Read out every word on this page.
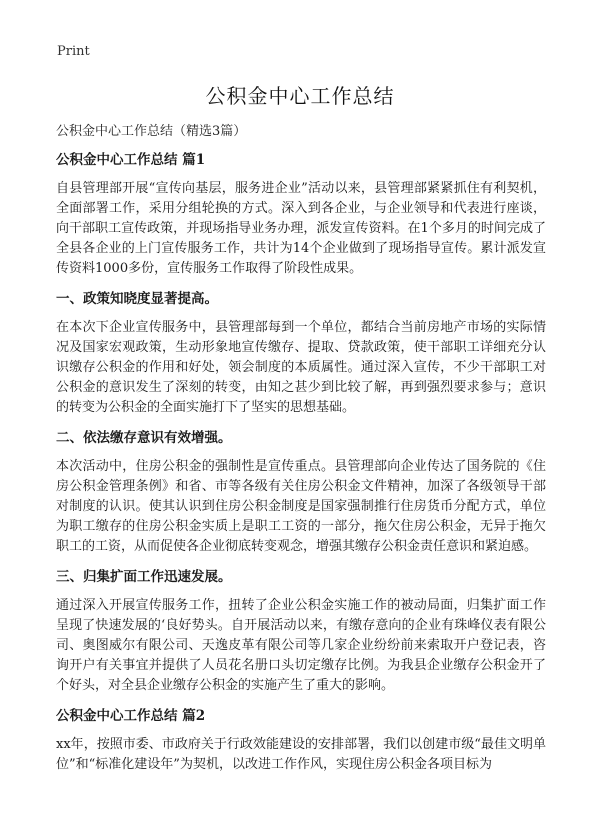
Print
公积金中心工作总结
公积金中心工作总结（精选3篇）
公积金中心工作总结 篇1

自县管理部开展“宣传向基层，服务进企业”活动以来，县管理部紧紧抓住有利契机，全面部署工作，采用分组轮换的方式。深入到各企业，与企业领导和代表进行座谈，向干部职工宣传政策，并现场指导业务办理，派发宣传资料。在1个多月的时间完成了全县各企业的上门宣传服务工作，共计为14个企业做到了现场指导宣传。累计派发宣传资料1000多份，宣传服务工作取得了阶段性成果。

一、政策知晓度显著提高。

在本次下企业宣传服务中，县管理部每到一个单位，都结合当前房地产市场的实际情况及国家宏观政策，生动形象地宣传缴存、提取、贷款政策，使干部职工详细充分认识缴存公积金的作用和好处，领会制度的本质属性。通过深入宣传，不少干部职工对公积金的意识发生了深刻的转变，由知之甚少到比较了解，再到强烈要求参与；意识的转变为公积金的全面实施打下了坚实的思想基础。

二、依法缴存意识有效增强。

本次活动中，住房公积金的强制性是宣传重点。县管理部向企业传达了国务院的《住房公积金管理条例》和省、市等各级有关住房公积金文件精神，加深了各级领导干部对制度的认识。使其认识到住房公积金制度是国家强制推行住房货币分配方式，单位为职工缴存的住房公积金实质上是职工工资的一部分，拖欠住房公积金，无异于拖欠职工的工资，从而促使各企业彻底转变观念，增强其缴存公积金责任意识和紧迫感。

三、归集扩面工作迅速发展。

通过深入开展宣传服务工作，扭转了企业公积金实施工作的被动局面，归集扩面工作呈现了快速发展的‘良好势头。自开展活动以来，有缴存意向的企业有珠峰仪表有限公司、奥图威尔有限公司、天逸皮革有限公司等几家企业纷纷前来索取开户登记表，咨询开户有关事宜并提供了人员花名册口头切定缴存比例。为我县企业缴存公积金开了个好头，对全县企业缴存公积金的实施产生了重大的影响。

公积金中心工作总结 篇2

xx年，按照市委、市政府关于行政效能建设的安排部署，我们以创建市级“最佳文明单位”和“标准化建设年”为契机，以改进工作作风，实现住房公积金各项目标为
